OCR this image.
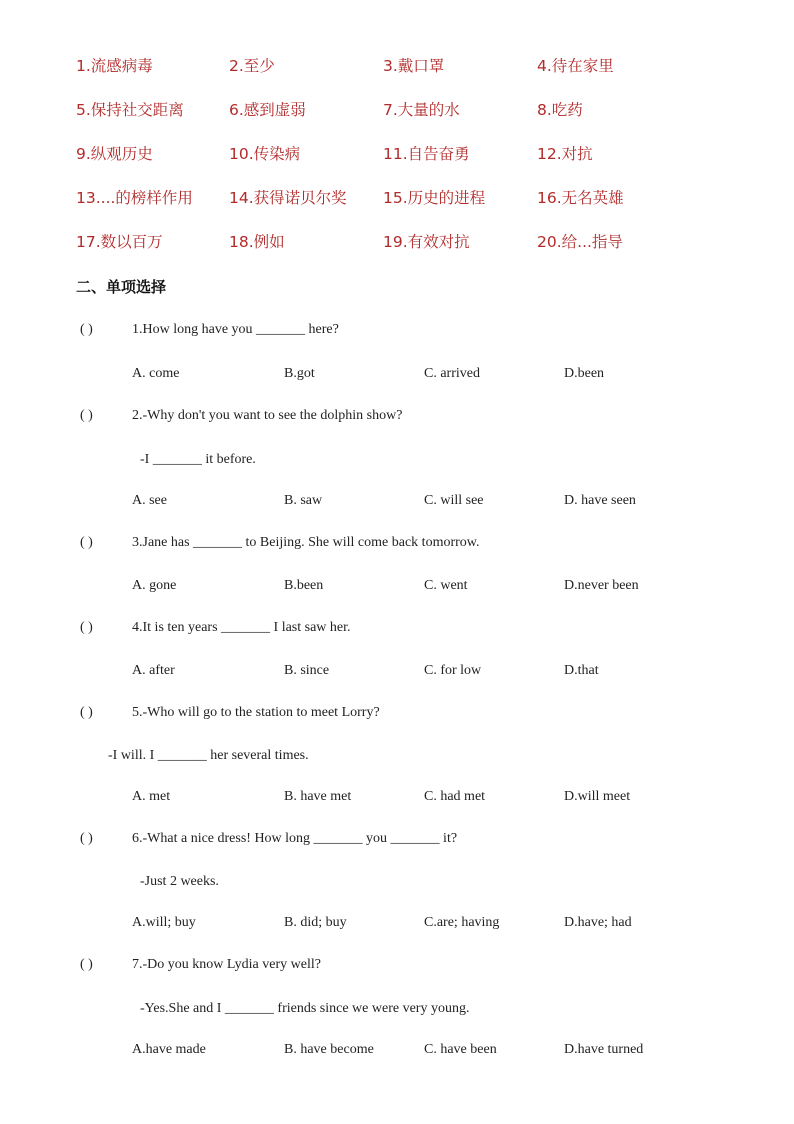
1.流感病毒	2.至少	3.戴口罩	4.待在家里
5.保持社交距离	6.感到虚弱	7.大量的水	8.吃药
9.纵观历史	10.传染病	11.自告奋勇	12.对抗
13....的榜样作用 14.获得诺贝尔奖 15.历史的进程	16.无名英雄
17.数以百万	18.例如	19.有效对抗	20.给...指导
二、单项选择
( )	1.How long have you _______ here?
A. come	B.got	C. arrived	D.been
( )	2.-Why don't you want to see the dolphin show?
-I _______ it before.
A. see	B. saw	C. will see	D. have seen
( )	3.Jane has _______ to Beijing. She will come back tomorrow.
A. gone	B.been	C. went	D.never been
( )	4.It is ten years _______ I last saw her.
A. after	B. since	C. for low	D.that
( )	5.-Who will go to the station to meet Lorry?
-I will. I _______ her several times.
A. met	B. have met	C. had met	D.will meet
( )	6.-What a nice dress! How long _______ you _______ it?
-Just 2 weeks.
A.will; buy	B. did; buy	C.are; having	D.have; had
( )	7.-Do you know Lydia very well?
-Yes.She and I _______ friends since we were very young.
A.have made	B. have become	C. have been	D.have turned
